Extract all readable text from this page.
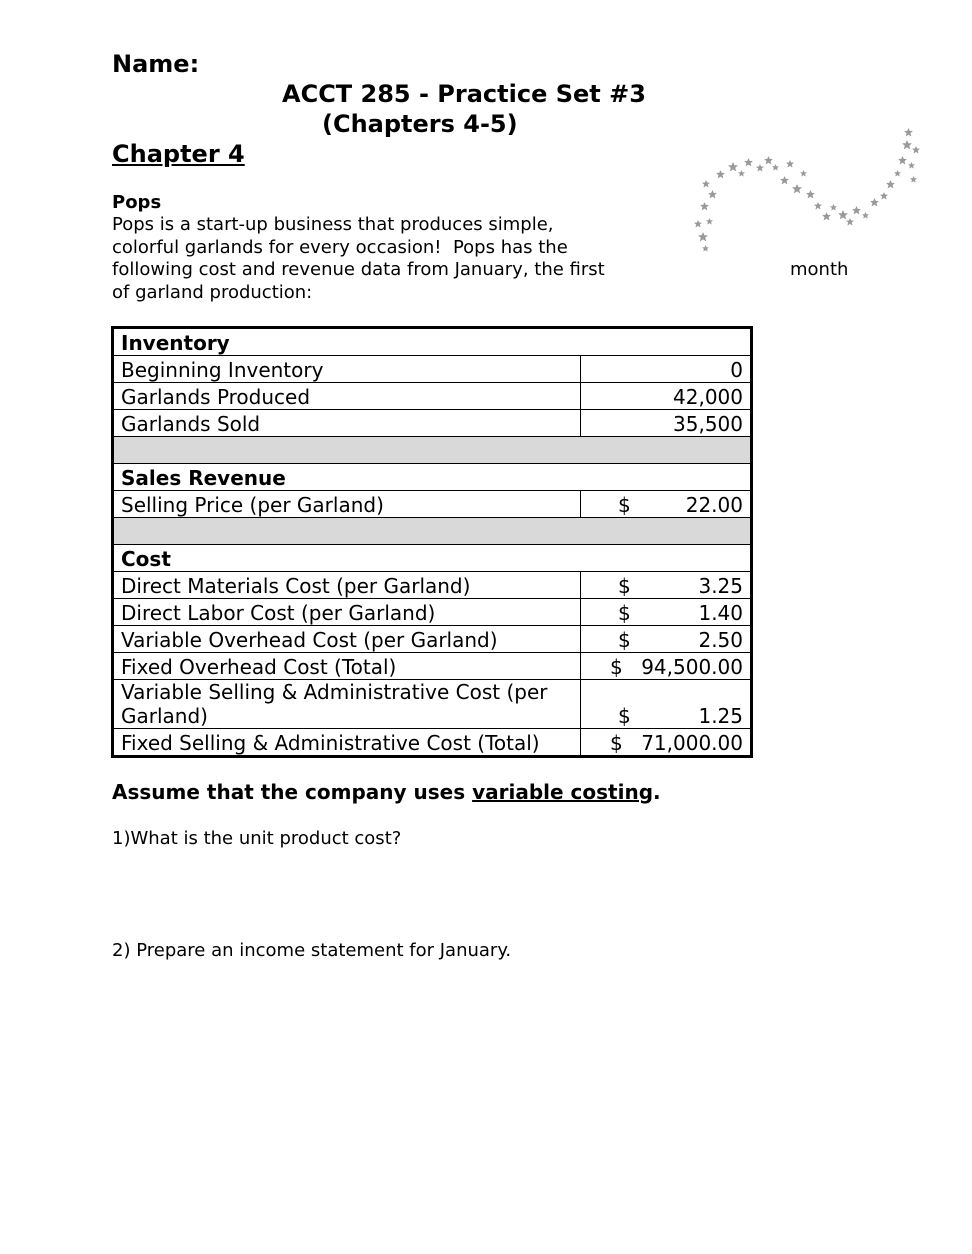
Name:
ACCT 285 - Practice Set #3
(Chapters 4-5)
Chapter 4
Pops
Pops is a start-up business that produces simple,
colorful garlands for every occasion!  Pops has the
following cost and revenue data from January, the first
of garland production:
month
Inventory	
Beginning Inventory	0
Garlands Produced	42,000
Garlands Sold	35,500

Sales Revenue	
Selling Price (per Garland)	$ 22.00

Cost	
Direct Materials Cost (per Garland)	$ 3.25
Direct Labor Cost (per Garland)	$ 1.40
Variable Overhead Cost (per Garland)	$ 2.50
Fixed Overhead Cost (Total)	$ 94,500.00
Variable Selling & Administrative Cost (per Garland)	$ 1.25
Fixed Selling & Administrative Cost (Total)	$ 71,000.00
Assume that the company uses variable costing.
1)What is the unit product cost?
2) Prepare an income statement for January.
